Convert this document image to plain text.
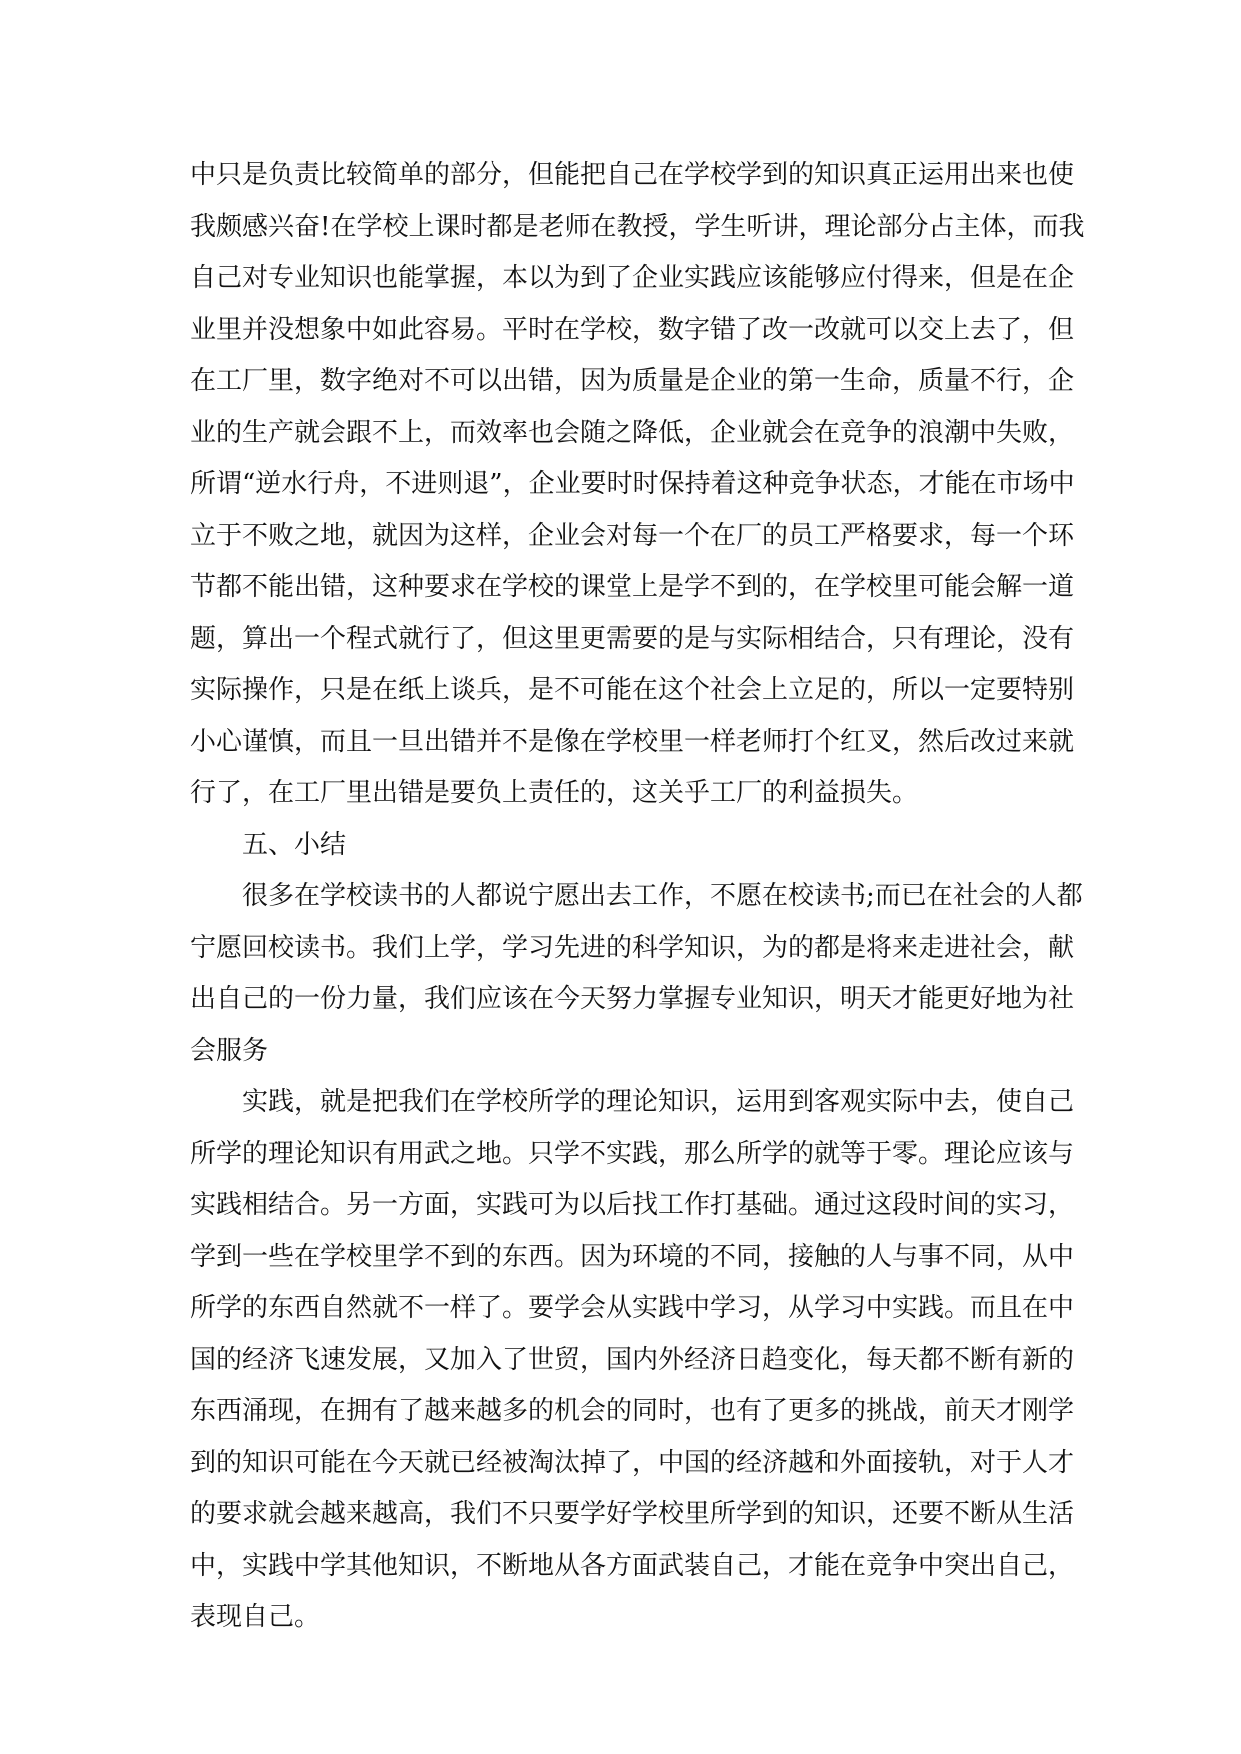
中只是负责比较简单的部分，但能把自己在学校学到的知识真正运用出来也使
我颇感兴奋!在学校上课时都是老师在教授，学生听讲，理论部分占主体，而我
自己对专业知识也能掌握，本以为到了企业实践应该能够应付得来，但是在企
业里并没想象中如此容易。平时在学校，数字错了改一改就可以交上去了，但
在工厂里，数字绝对不可以出错，因为质量是企业的第一生命，质量不行，企
业的生产就会跟不上，而效率也会随之降低，企业就会在竞争的浪潮中失败，
所谓“逆水行舟，不进则退”，企业要时时保持着这种竞争状态，才能在市场中
立于不败之地，就因为这样，企业会对每一个在厂的员工严格要求，每一个环
节都不能出错，这种要求在学校的课堂上是学不到的，在学校里可能会解一道
题，算出一个程式就行了，但这里更需要的是与实际相结合，只有理论，没有
实际操作，只是在纸上谈兵，是不可能在这个社会上立足的，所以一定要特别
小心谨慎，而且一旦出错并不是像在学校里一样老师打个红叉，然后改过来就
行了，在工厂里出错是要负上责任的，这关乎工厂的利益损失。
五、小结
很多在学校读书的人都说宁愿出去工作，不愿在校读书;而已在社会的人都
宁愿回校读书。我们上学，学习先进的科学知识，为的都是将来走进社会，献
出自己的一份力量，我们应该在今天努力掌握专业知识，明天才能更好地为社
会服务
实践，就是把我们在学校所学的理论知识，运用到客观实际中去，使自己
所学的理论知识有用武之地。只学不实践，那么所学的就等于零。理论应该与
实践相结合。另一方面，实践可为以后找工作打基础。通过这段时间的实习，
学到一些在学校里学不到的东西。因为环境的不同，接触的人与事不同，从中
所学的东西自然就不一样了。要学会从实践中学习，从学习中实践。而且在中
国的经济飞速发展，又加入了世贸，国内外经济日趋变化，每天都不断有新的
东西涌现，在拥有了越来越多的机会的同时，也有了更多的挑战，前天才刚学
到的知识可能在今天就已经被淘汰掉了，中国的经济越和外面接轨，对于人才
的要求就会越来越高，我们不只要学好学校里所学到的知识，还要不断从生活
中，实践中学其他知识，不断地从各方面武装自己，才能在竞争中突出自己，
表现自己。
